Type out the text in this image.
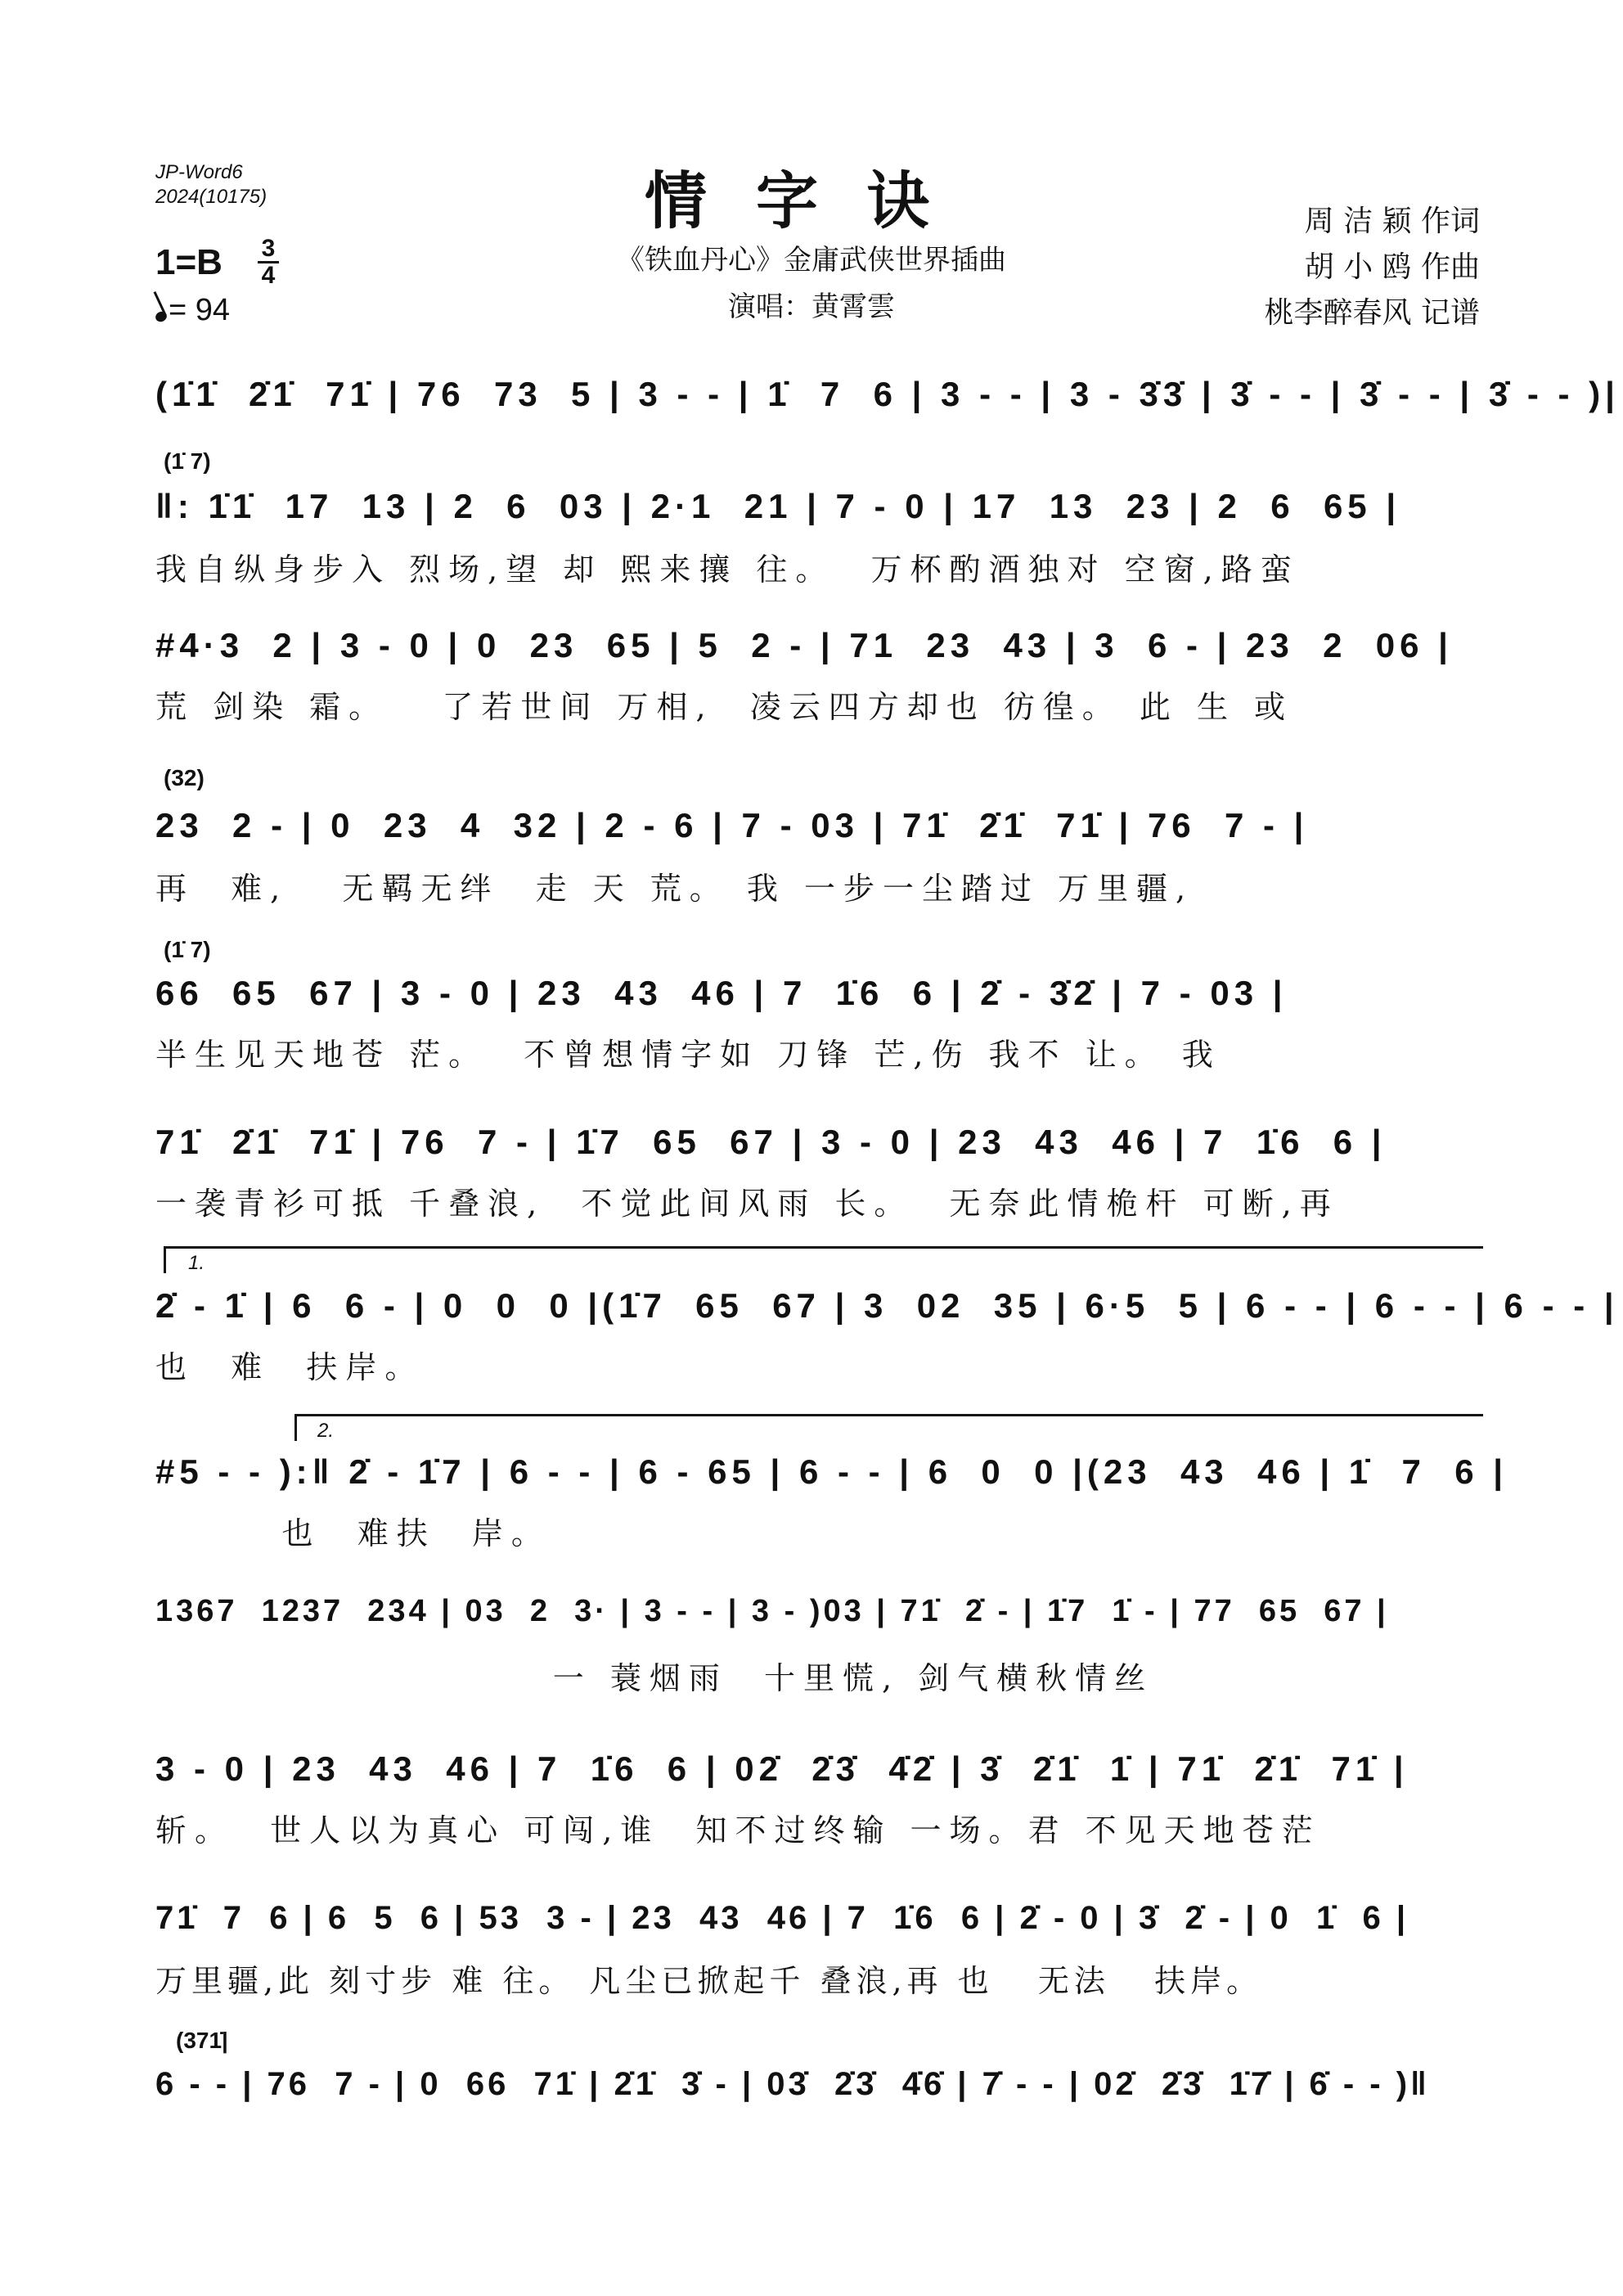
JP-Word6
2024(10175)	情字诀
《铁血丹心》金庸武侠世界插曲
演唱：黄霄雲
周 洁 颖 作词
胡 小 鸥 作曲
桃李醉春风 记谱
1=B 3
4
= 94
(1̇1̇  2̇1̇  71̇ | 76  73  5 | 3 - - | 1̇  7  6 | 3 - - | 3 - 3̇3̇ | 3̇ - - | 3̇ - - | 3̇ - - )|
(1̇ 7)
‖: 1̇1̇  17  13 | 2  6  03 | 2·1  21 | 7 - 0 | 17  13  23 | 2  6  65 |
我自纵身步入 烈场,望 却 熙来攘 往。  万杯酌酒独对 空窗,路蛮
#4·3  2 | 3 - 0 | 0  23  65 | 5  2 - | 71  23  43 | 3  6 - | 23  2  06 |
荒 剑染 霜。   了若世间 万相,  凌云四方却也 彷徨。 此 生 或
(32)
23  2 - | 0  23  4  32 | 2 - 6 | 7 - 03 | 71̇  2̇1̇  71̇ | 76  7 - |
再  难,   无羁无绊  走 天 荒。 我 一步一尘踏过 万里疆,
(1̇ 7)
66  65  67 | 3 - 0 | 23  43  46 | 7  1̇6  6 | 2̇ - 3̇2̇ | 7 - 03 |
半生见天地苍 茫。  不曾想情字如 刀锋 芒,伤 我不 让。 我
71̇  2̇1̇  71̇ | 76  7 - | 1̇7  65  67 | 3 - 0 | 23  43  46 | 7  1̇6  6 |
一袭青衫可抵 千叠浪,  不觉此间风雨 长。  无奈此情桅杆 可断,再
1.
2̇ - 1̇ | 6  6 - | 0  0  0 |(1̇7  65  67 | 3  02  35 | 6·5  5 | 6 - - | 6 - - | 6 - - |
也  难  扶岸。
2.
#5 - - ):‖ 2̇ - 1̇7 | 6 - - | 6 - 65 | 6 - - | 6  0  0 |(23  43  46 | 1̇  7  6 |
也  难扶  岸。
1367  1237  234 | 03  2  3· | 3 - - | 3 - )03 | 71̇  2̇ - | 1̇7  1̇ - | 77  65  67 |
一 蓑烟雨  十里慌, 剑气横秋情丝
3 - 0 | 23  43  46 | 7  1̇6  6 | 02̇  2̇3̇  4̇2̇ | 3̇  2̇1̇  1̇ | 71̇  2̇1̇  71̇ |
斩。  世人以为真心 可闯,谁  知不过终输 一场。君 不见天地苍茫
71̇  7  6 | 6  5  6 | 53  3 - | 23  43  46 | 7  1̇6  6 | 2̇ - 0 | 3̇  2̇ - | 0  1̇  6 |
万里疆,此 刻寸步 难 往。 凡尘已掀起千 叠浪,再 也   无法   扶岸。
(371̇|
6 - - | 76  7 - | 0  66  71̇ | 2̇1̇  3̇ - | 03̇  2̇3̇  4̇6̇ | 7̇ - - | 02̇  2̇3̇  1̇7̇ | 6̇ - - )‖
